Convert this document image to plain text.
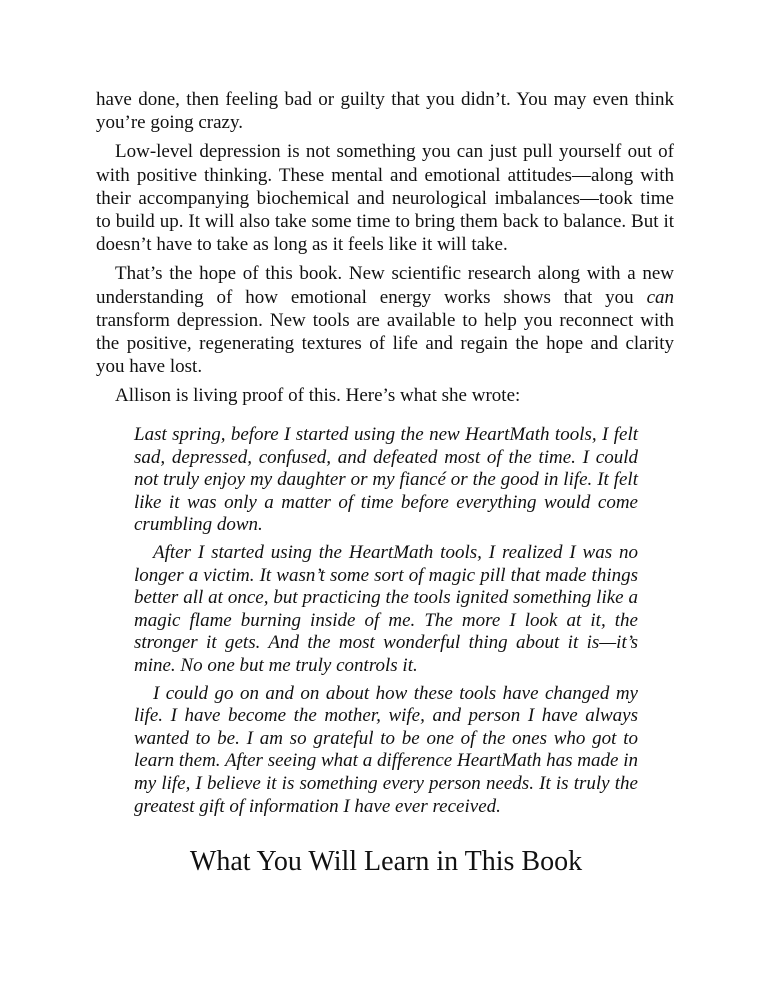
have done, then feeling bad or guilty that you didn’t. You may even think you’re going crazy.

Low-level depression is not something you can just pull yourself out of with positive thinking. These mental and emotional attitudes—along with their accompanying biochemical and neurological imbalances—took time to build up. It will also take some time to bring them back to balance. But it doesn’t have to take as long as it feels like it will take.

That’s the hope of this book. New scientific research along with a new understanding of how emotional energy works shows that you can transform depression. New tools are available to help you reconnect with the positive, regenerating textures of life and regain the hope and clarity you have lost.

Allison is living proof of this. Here’s what she wrote:

Last spring, before I started using the new HeartMath tools, I felt sad, depressed, confused, and defeated most of the time. I could not truly enjoy my daughter or my fiancé or the good in life. It felt like it was only a matter of time before everything would come crumbling down.

After I started using the HeartMath tools, I realized I was no longer a victim. It wasn’t some sort of magic pill that made things better all at once, but practicing the tools ignited something like a magic flame burning inside of me. The more I look at it, the stronger it gets. And the most wonderful thing about it is—it’s mine. No one but me truly controls it.

I could go on and on about how these tools have changed my life. I have become the mother, wife, and person I have always wanted to be. I am so grateful to be one of the ones who got to learn them. After seeing what a difference HeartMath has made in my life, I believe it is something every person needs. It is truly the greatest gift of information I have ever received.

What You Will Learn in This Book
